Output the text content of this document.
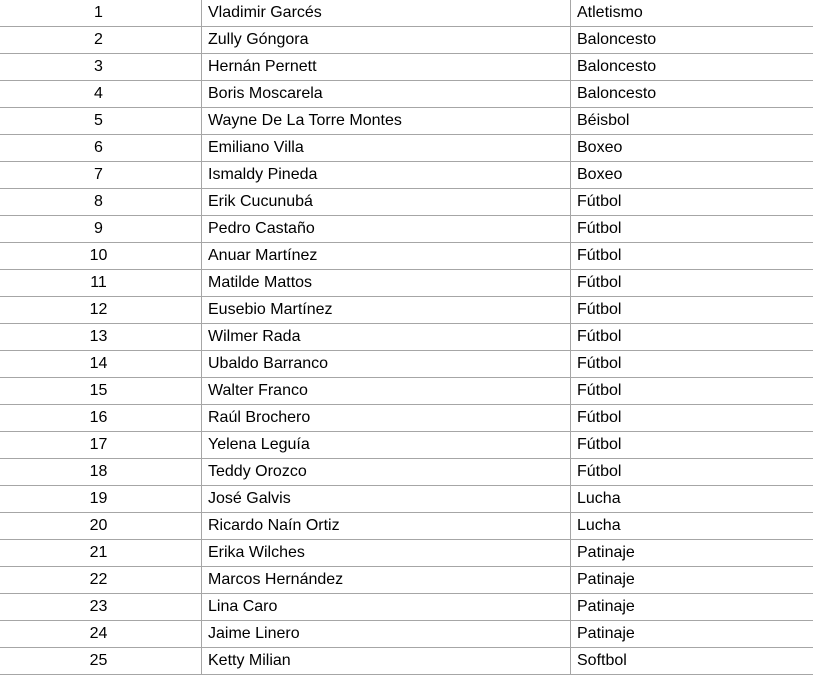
1	Vladimir Garcés	Atletismo
2	Zully Góngora	Baloncesto
3	Hernán Pernett	Baloncesto
4	Boris Moscarela	Baloncesto
5	Wayne De La Torre Montes	Béisbol
6	Emiliano Villa	Boxeo
7	Ismaldy Pineda	Boxeo
8	Erik Cucunubá	Fútbol
9	Pedro Castaño	Fútbol
10	Anuar Martínez	Fútbol
11	Matilde Mattos	Fútbol
12	Eusebio Martínez	Fútbol
13	Wilmer Rada	Fútbol
14	Ubaldo Barranco	Fútbol
15	Walter Franco	Fútbol
16	Raúl Brochero	Fútbol
17	Yelena Leguía	Fútbol
18	Teddy Orozco	Fútbol
19	José Galvis	Lucha
20	Ricardo Naín Ortiz	Lucha
21	Erika Wilches	Patinaje
22	Marcos Hernández	Patinaje
23	Lina Caro	Patinaje
24	Jaime Linero	Patinaje
25	Ketty Milian	Softbol
